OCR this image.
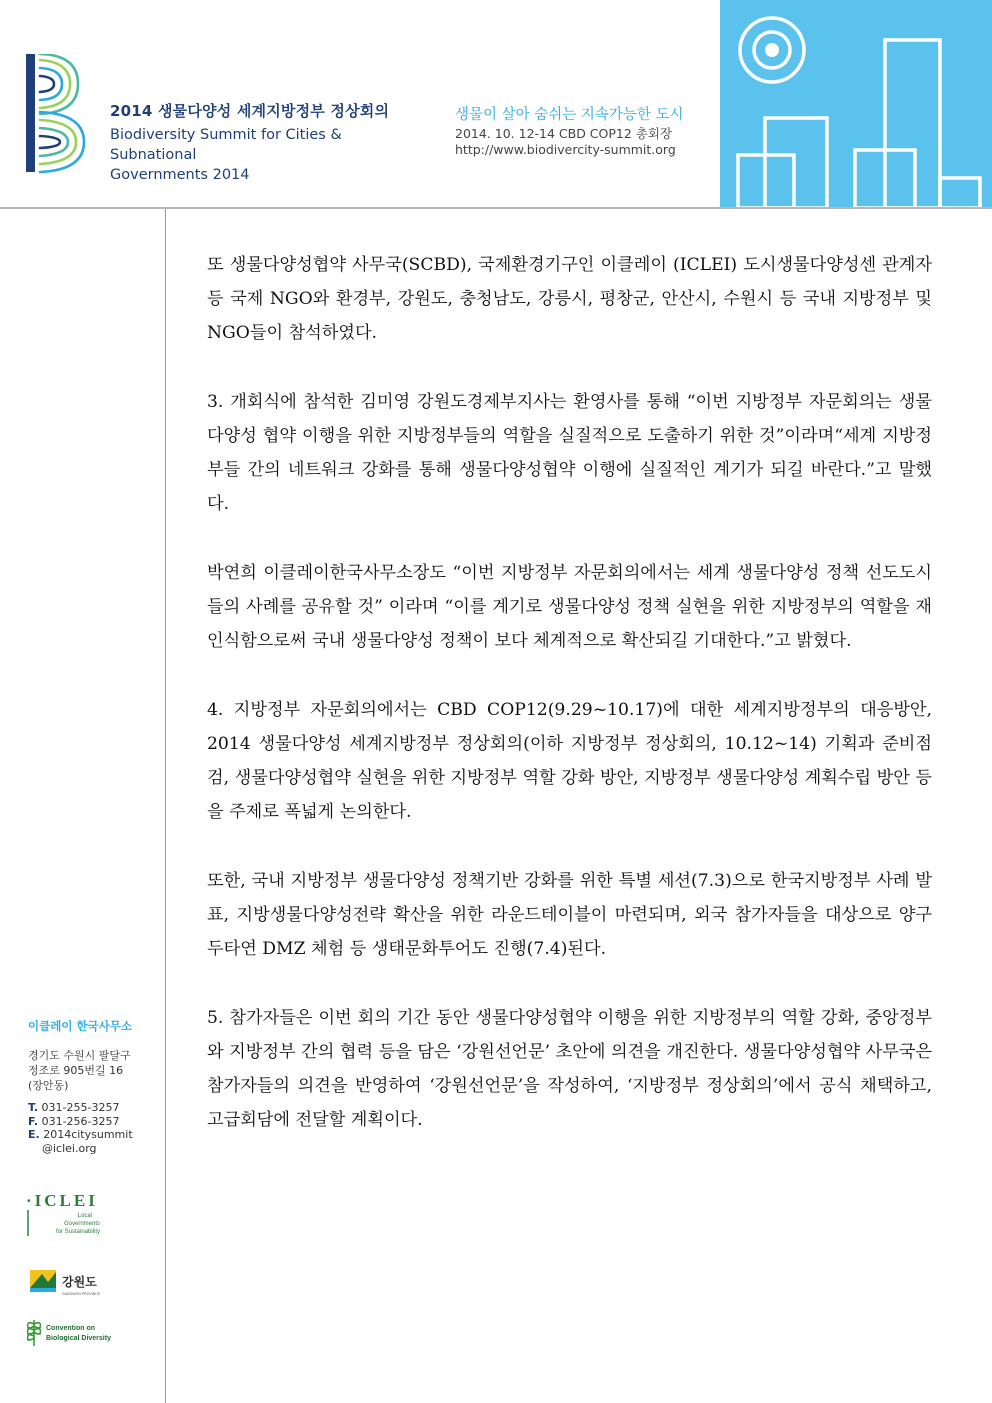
2014 생물다양성 세계지방정부 정상회의
Biodiversity Summit for Cities & Subnational
Governments 2014
생물이 살아 숨쉬는 지속가능한 도시
2014. 10. 12-14 CBD COP12 총회장
http://www.biodivercity-summit.org

또 생물다양성협약 사무국(SCBD), 국제환경기구인 이클레이 (ICLEI) 도시생물다양성센 관계자 등 국제 NGO와 환경부, 강원도, 충청남도, 강릉시, 평창군, 안산시, 수원시 등 국내 지방정부 및 NGO들이 참석하였다.

3. 개회식에 참석한 김미영 강원도경제부지사는 환영사를 통해 “이번 지방정부 자문회의는 생물다양성 협약 이행을 위한 지방정부들의 역할을 실질적으로 도출하기 위한 것”이라며“세계 지방정부들 간의 네트워크 강화를 통해 생물다양성협약 이행에 실질적인 계기가 되길 바란다.”고 말했다.

박연희 이클레이한국사무소장도 “이번 지방정부 자문회의에서는 세계 생물다양성 정책 선도도시들의 사례를 공유할 것” 이라며 “이를 계기로 생물다양성 정책 실현을 위한 지방정부의 역할을 재인식함으로써 국내 생물다양성 정책이 보다 체계적으로 확산되길 기대한다.”고 밝혔다.

4. 지방정부 자문회의에서는 CBD COP12(9.29~10.17)에 대한 세계지방정부의 대응방안, 2014 생물다양성 세계지방정부 정상회의(이하 지방정부 정상회의, 10.12~14) 기획과 준비점검, 생물다양성협약 실현을 위한 지방정부 역할 강화 방안, 지방정부 생물다양성 계획수립 방안 등을 주제로 폭넓게 논의한다.

또한, 국내 지방정부 생물다양성 정책기반 강화를 위한 특별 세션(7.3)으로 한국지방정부 사례 발표, 지방생물다양성전략 확산을 위한 라운드테이블이 마련되며, 외국 참가자들을 대상으로 양구 두타연 DMZ 체험 등 생태문화투어도 진행(7.4)된다.

5. 참가자들은 이번 회의 기간 동안 생물다양성협약 이행을 위한 지방정부의 역할 강화, 중앙정부와 지방정부 간의 협력 등을 담은 ‘강원선언문’ 초안에 의견을 개진한다. 생물다양성협약 사무국은 참가자들의 의견을 반영하여 ‘강원선언문’을 작성하여, ‘지방정부 정상회의’에서 공식 채택하고, 고급회담에 전달할 계획이다.

이클레이 한국사무소
경기도 수원시 팔달구
정조로 905번길 16
(장안동)
T. 031-255-3257
F. 031-256-3257
E. 2014citysummit
@iclei.org
·ICLEI
Local
Governments
for Sustainability
강원도
GANGWON PROVINCE
Convention on
Biological Diversity
